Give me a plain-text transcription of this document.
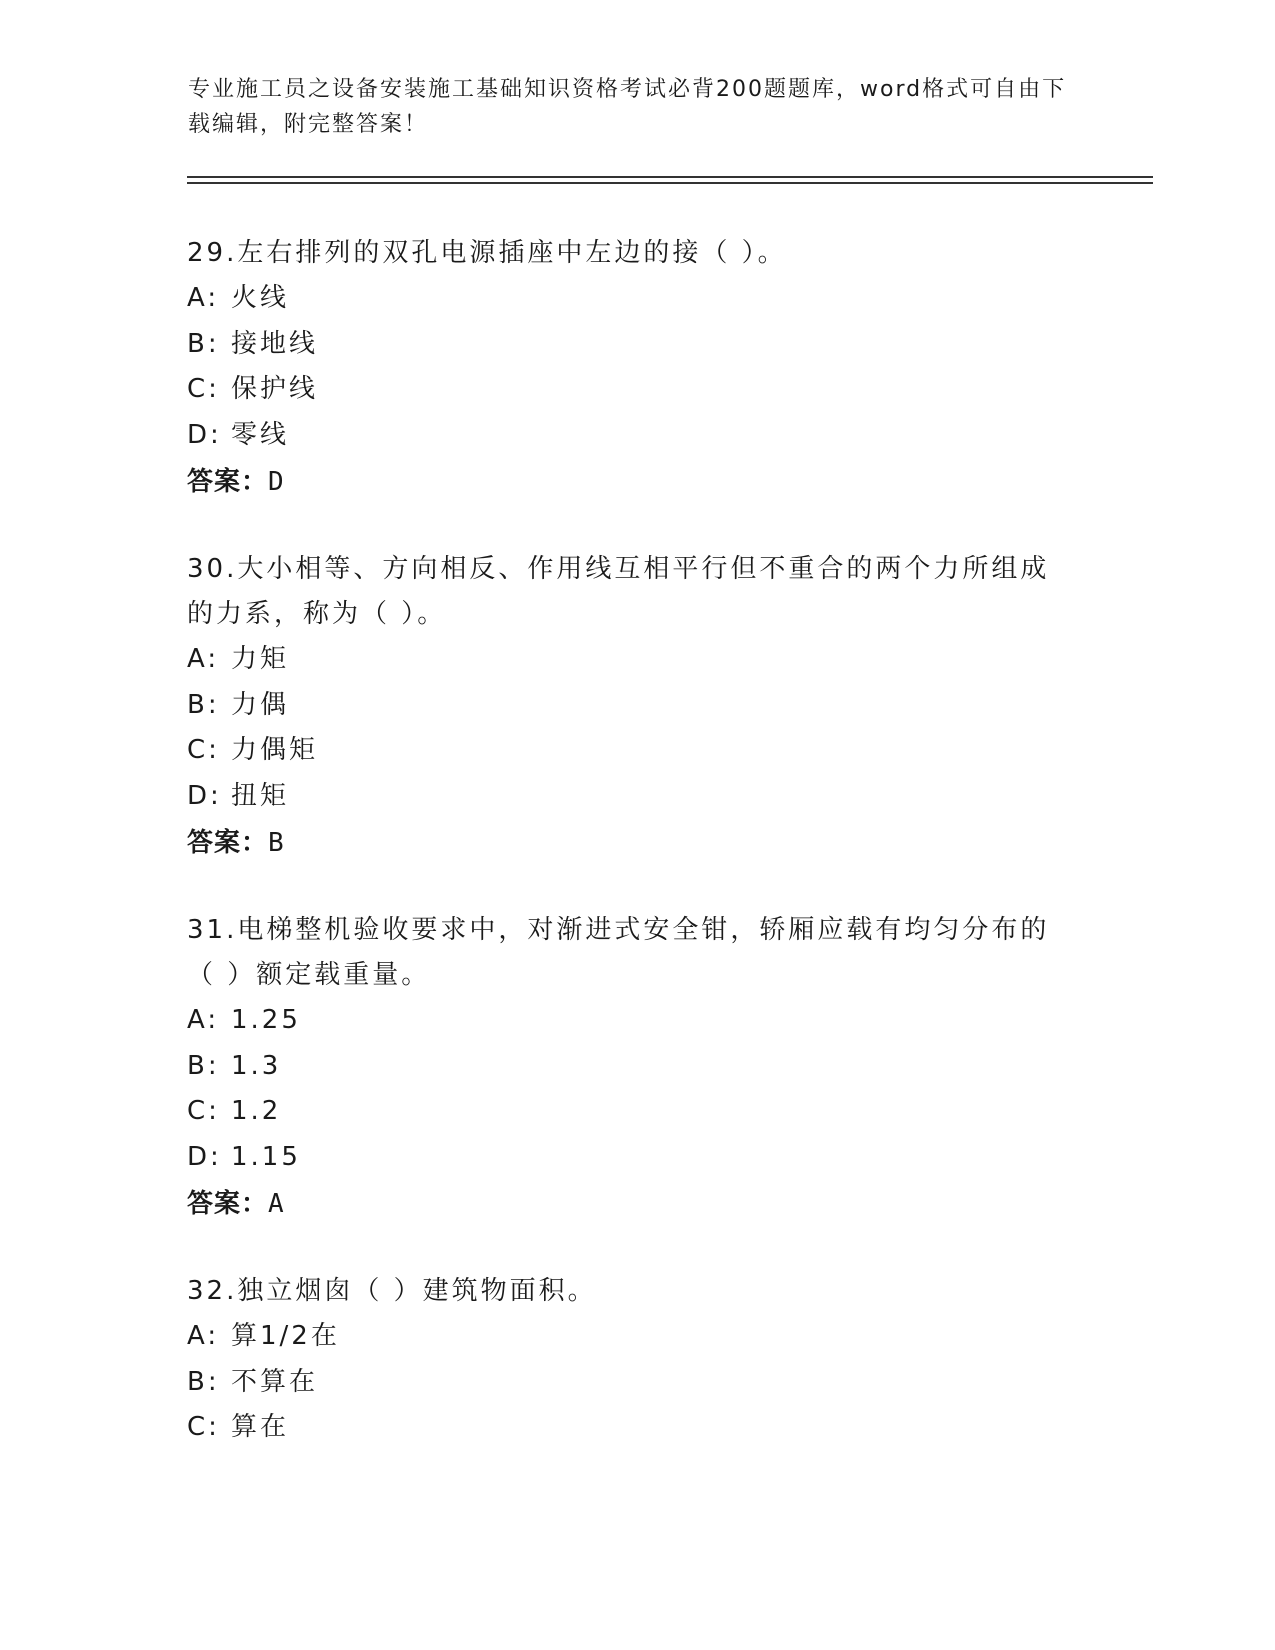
专业施工员之设备安装施工基础知识资格考试必背200题题库，word格式可自由下载编辑，附完整答案！
29.左右排列的双孔电源插座中左边的接（ ）。
A: 火线
B: 接地线
C: 保护线
D: 零线
答案：D
30.大小相等、方向相反、作用线互相平行但不重合的两个力所组成的力系，称为（ ）。
A: 力矩
B: 力偶
C: 力偶矩
D: 扭矩
答案：B
31.电梯整机验收要求中，对渐进式安全钳，轿厢应载有均匀分布的（ ）额定载重量。
A: 1.25
B: 1.3
C: 1.2
D: 1.15
答案：A
32.独立烟囱（ ）建筑物面积。
A: 算1/2在
B: 不算在
C: 算在
